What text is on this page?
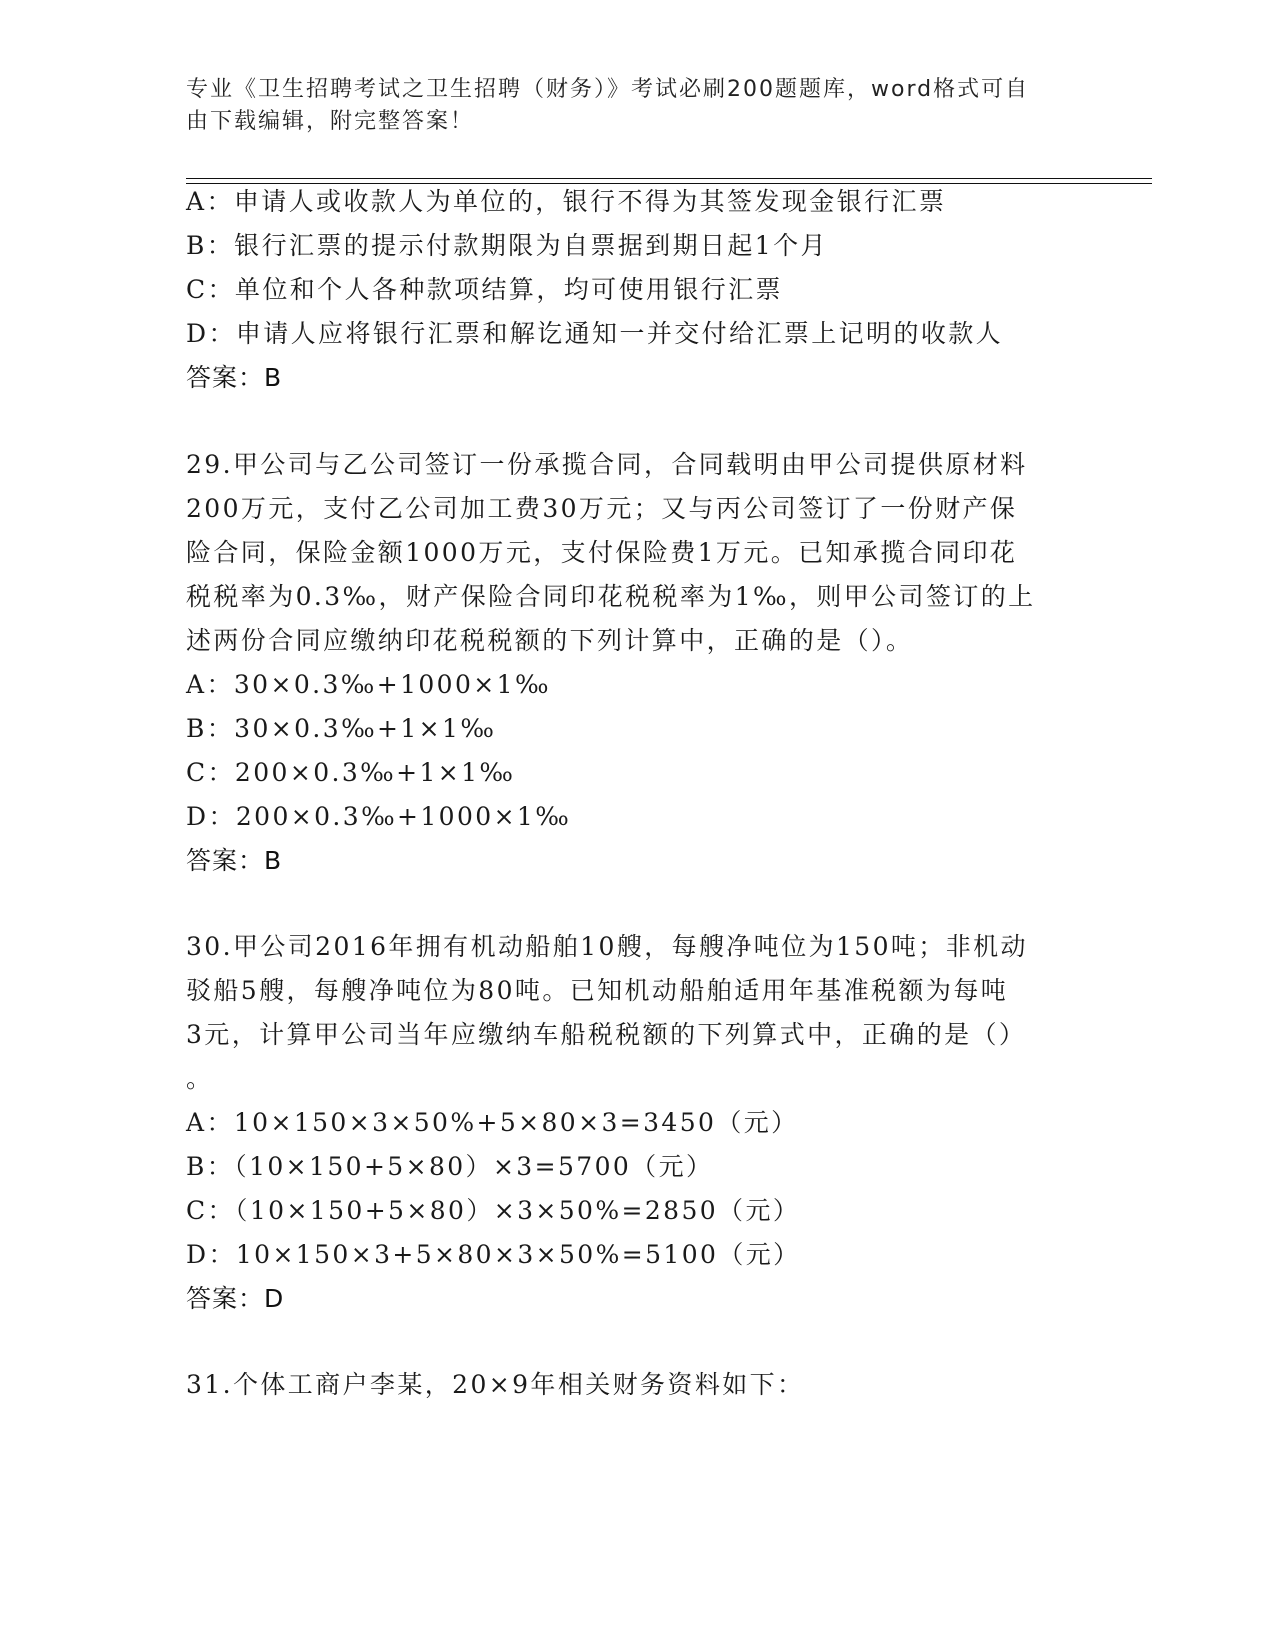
专业《卫生招聘考试之卫生招聘（财务）》考试必刷200题题库，word格式可自
由下载编辑，附完整答案！
A：申请人或收款人为单位的，银行不得为其签发现金银行汇票
B：银行汇票的提示付款期限为自票据到期日起1个月
C：单位和个人各种款项结算，均可使用银行汇票
D：申请人应将银行汇票和解讫通知一并交付给汇票上记明的收款人
答案：B
29.甲公司与乙公司签订一份承揽合同，合同载明由甲公司提供原材料
200万元，支付乙公司加工费30万元；又与丙公司签订了一份财产保
险合同，保险金额1000万元，支付保险费1万元。已知承揽合同印花
税税率为0.3‰，财产保险合同印花税税率为1‰，则甲公司签订的上
述两份合同应缴纳印花税税额的下列计算中，正确的是（）。
A：30×0.3‰+1000×1‰
B：30×0.3‰+1×1‰
C：200×0.3‰+1×1‰
D：200×0.3‰+1000×1‰
答案：B
30.甲公司2016年拥有机动船舶10艘，每艘净吨位为150吨；非机动
驳船5艘，每艘净吨位为80吨。已知机动船舶适用年基准税额为每吨
3元，计算甲公司当年应缴纳车船税税额的下列算式中，正确的是（）
。
A：10×150×3×50%+5×80×3=3450（元）
B：（10×150+5×80）×3=5700（元）
C：（10×150+5×80）×3×50%=2850（元）
D：10×150×3+5×80×3×50%=5100（元）
答案：D
31.个体工商户李某，20×9年相关财务资料如下：
